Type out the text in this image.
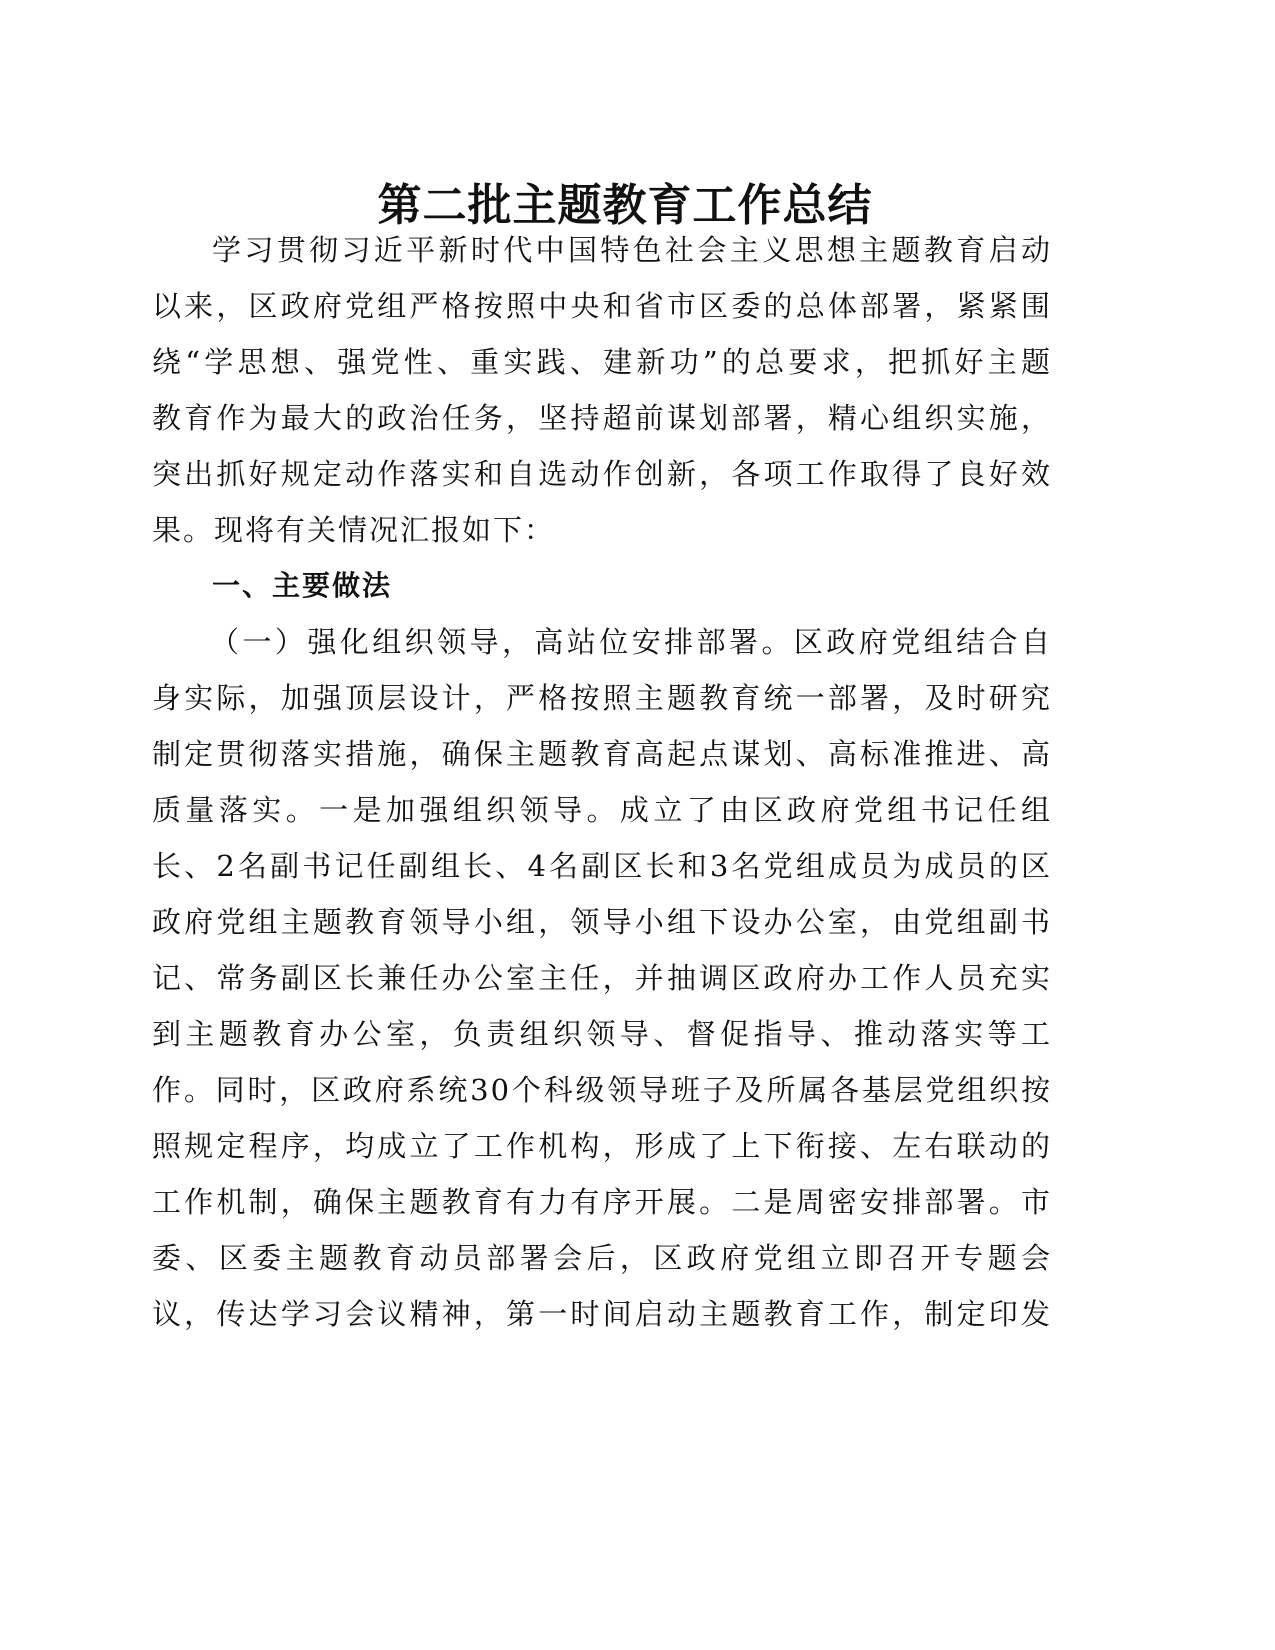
第二批主题教育工作总结
学习贯彻习近平新时代中国特色社会主义思想主题教育启动
以来，区政府党组严格按照中央和省市区委的总体部署，紧紧围
绕“学思想、强党性、重实践、建新功”的总要求，把抓好主题
教育作为最大的政治任务，坚持超前谋划部署，精心组织实施，
突出抓好规定动作落实和自选动作创新，各项工作取得了良好效
果。现将有关情况汇报如下：
一、主要做法
（一）强化组织领导，高站位安排部署。区政府党组结合自
身实际，加强顶层设计，严格按照主题教育统一部署，及时研究
制定贯彻落实措施，确保主题教育高起点谋划、高标准推进、高
质量落实。一是加强组织领导。成立了由区政府党组书记任组
长、2名副书记任副组长、4名副区长和3名党组成员为成员的区
政府党组主题教育领导小组，领导小组下设办公室，由党组副书
记、常务副区长兼任办公室主任，并抽调区政府办工作人员充实
到主题教育办公室，负责组织领导、督促指导、推动落实等工
作。同时，区政府系统30个科级领导班子及所属各基层党组织按
照规定程序，均成立了工作机构，形成了上下衔接、左右联动的
工作机制，确保主题教育有力有序开展。二是周密安排部署。市
委、区委主题教育动员部署会后，区政府党组立即召开专题会
议，传达学习会议精神，第一时间启动主题教育工作，制定印发
